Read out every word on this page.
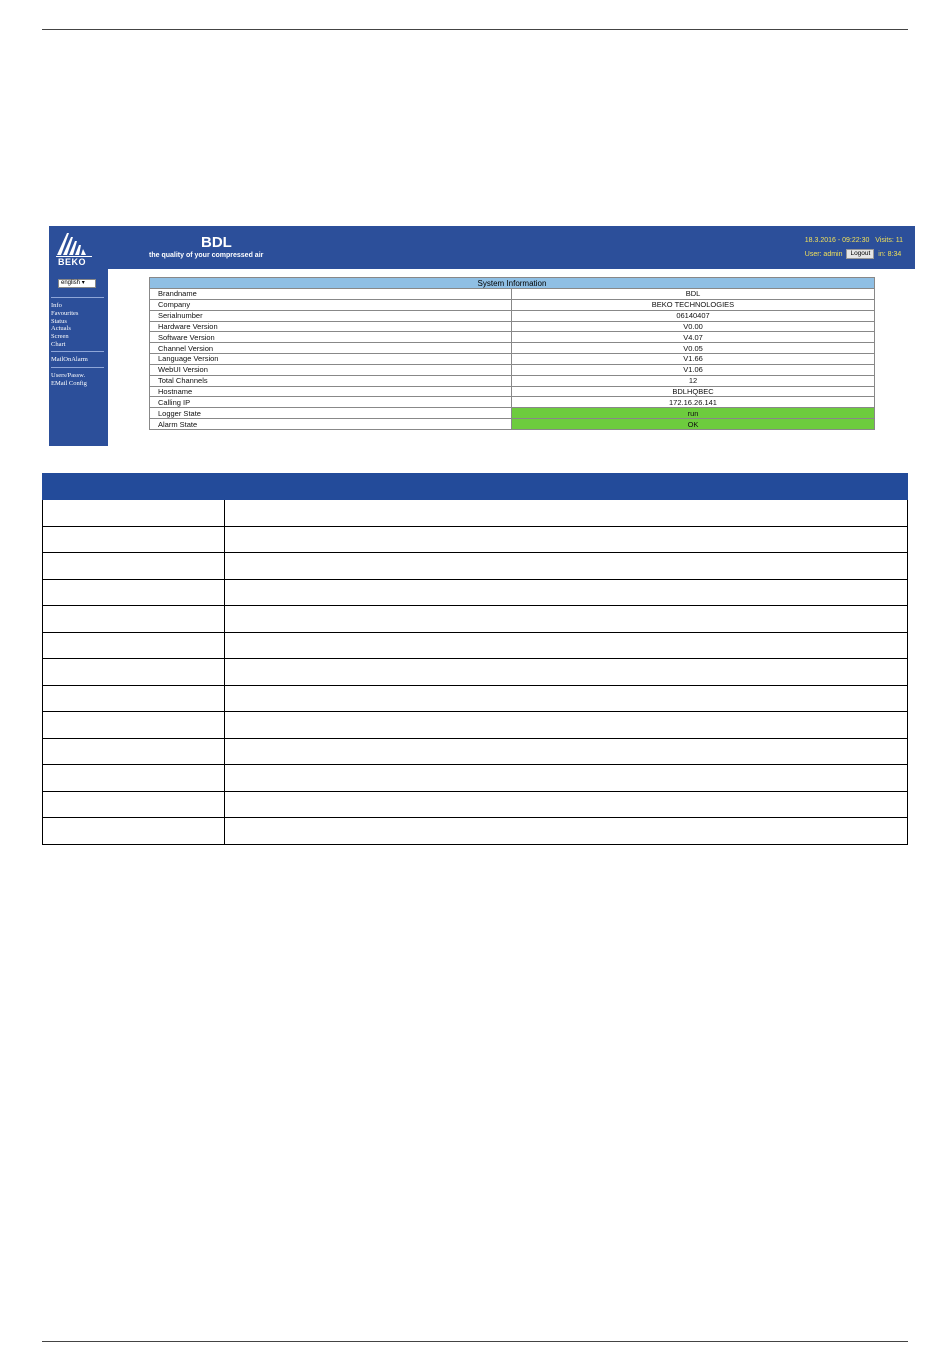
BEKO
BDL
the quality of your compressed air
18.3.2016 - 09:22:30 Visits: 11
User: admin Logout in: 8:34
english ▾
Info
Favourites
Status
Actuals
Screen
Chart
MailOnAlarm
Users/Passw.
EMail Config
System Information	
Brandname	BDL
Company	BEKO TECHNOLOGIES
Serialnumber	06140407
Hardware Version	V0.00
Software Version	V4.07
Channel Version	V0.05
Language Version	V1.66
WebUI Version	V1.06
Total Channels	12
Hostname	BDLHQBEC
Calling IP	172.16.26.141
Logger State	run
Alarm State	OK
